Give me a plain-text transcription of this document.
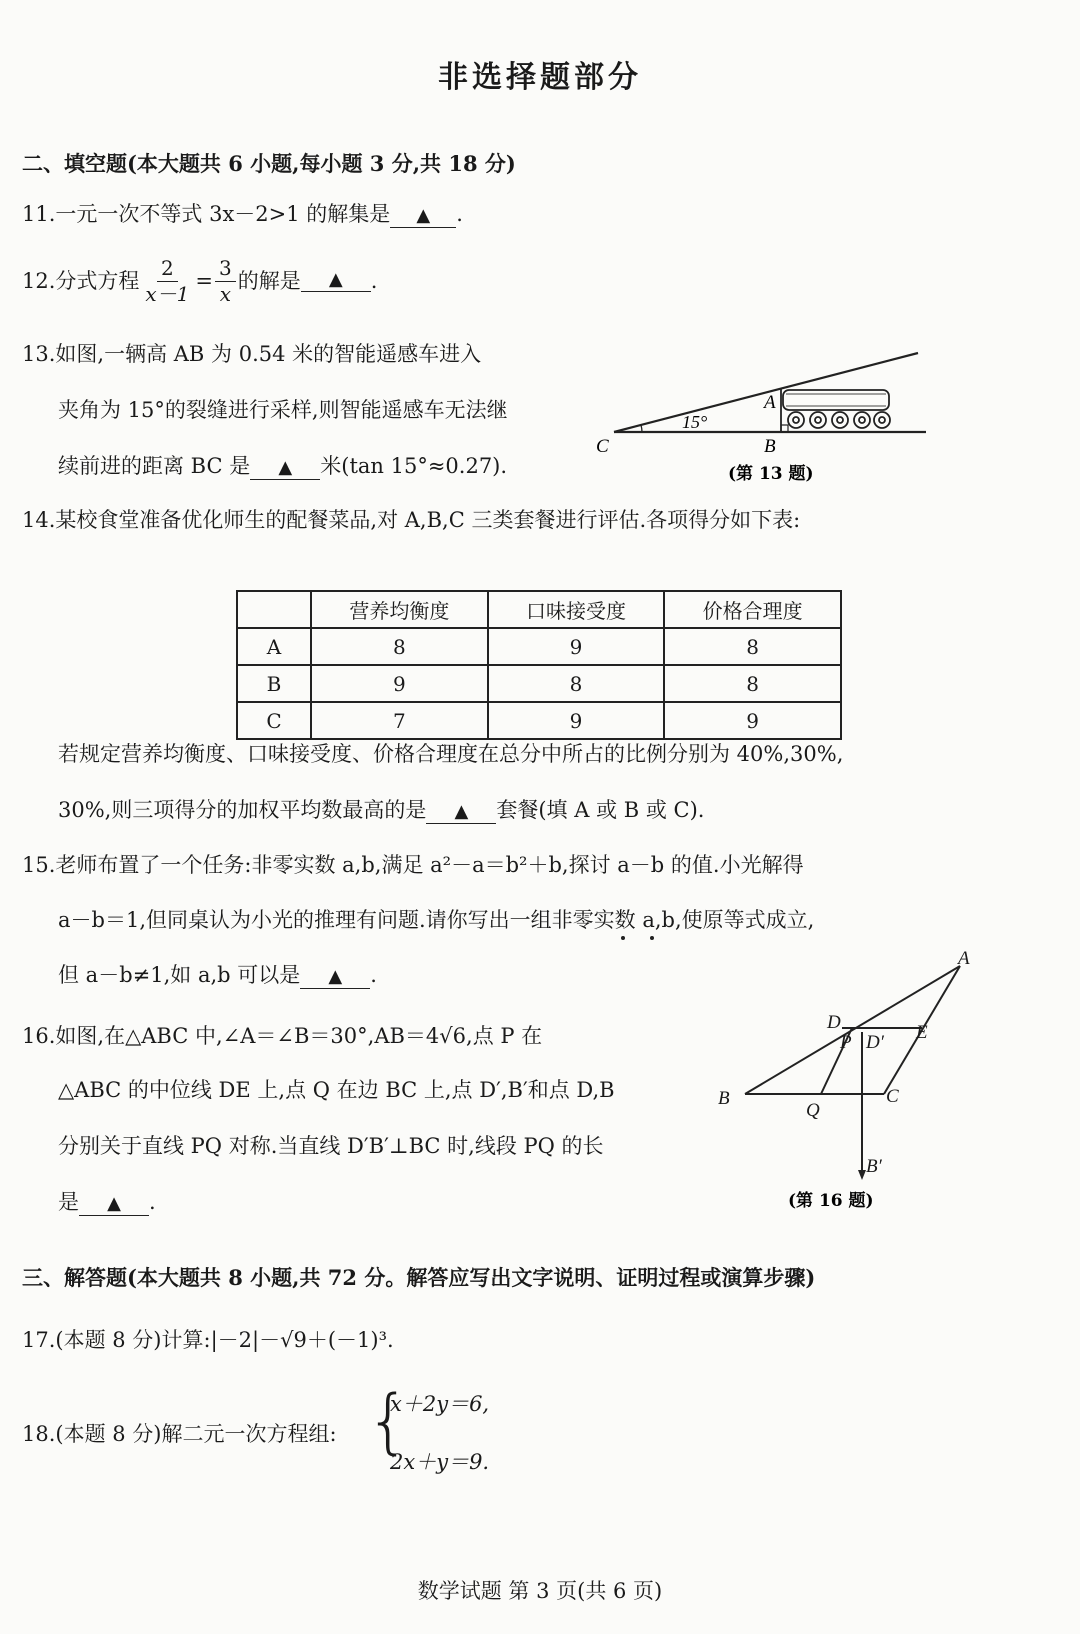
非选择题部分
二、填空题(本大题共 6 小题,每小题 3 分,共 18 分)
11.一元一次不等式 3x－2>1 的解集是 ▲ .
12. 分式方程 $\frac{2}{x-1} = \frac{3}{x}$ 的解是	▲	.
13.如图,一辆高 AB 为 0.54 米的智能遥感车进入
夹角为 15°的裂缝进行采样,则智能遥感车无法继
续前进的距离 BC 是 ▲ 米(tan 15°≈0.27).
15°
A
B
C
(第 13 题)
14.某校食堂准备优化师生的配餐菜品,对 A,B,C 三类套餐进行评估.各项得分如下表:
	营养均衡度	口味接受度	价格合理度
A	8	9	8
B	9	8	8
C	7	9	9
若规定营养均衡度、口味接受度、价格合理度在总分中所占的比例分别为 40%,30%,
30%,则三项得分的加权平均数最高的是 ▲ 套餐(填 A 或 B 或 C).
15.老师布置了一个任务:非零实数 a,b,满足 a²－a＝b²＋b,探讨 a－b 的值.小光解得
a－b＝1,但同桌认为小光的推理有问题.请你写出一组非零实数 a,b,使原等式成立,
但 a－b≠1,如 a,b 可以是 ▲ .
16.如图,在△ABC 中,∠A＝∠B＝30°,AB＝4√6,点 P 在
△ABC 的中位线 DE 上,点 Q 在边 BC 上,点 D′,B′和点 D,B
分别关于直线 PQ 对称.当直线 D′B′⊥BC 时,线段 PQ 的长
是 ▲ .
A
B	C
D	E
P D′
Q
B′
(第 16 题)
三、解答题(本大题共 8 小题,共 72 分。解答应写出文字说明、证明过程或演算步骤)
17.(本题 8 分)计算:|－2|－√9＋(－1)³.
18.(本题 8 分)解二元一次方程组: {
x＋2y＝6,
2x＋y＝9.
数学试题 第 3 页(共 6 页)
